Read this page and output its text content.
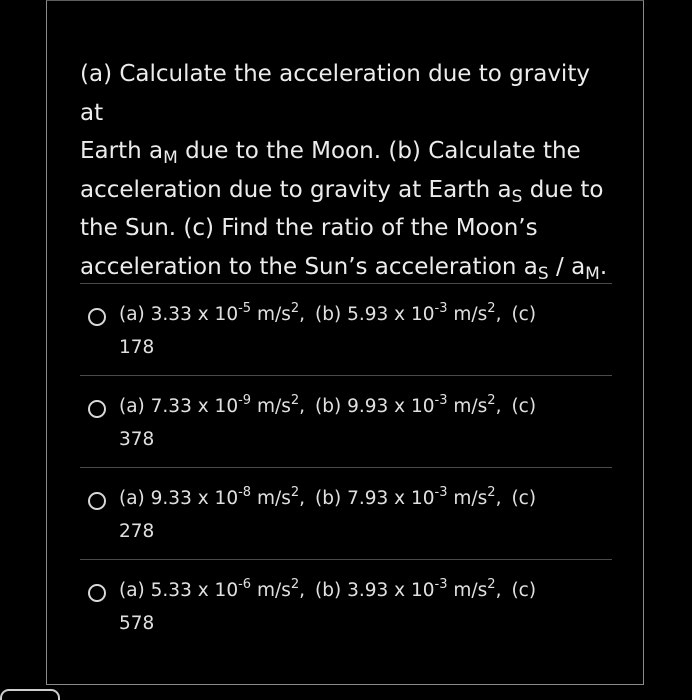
(a) Calculate the acceleration due to gravity at
Earth $a_M$ due to the Moon. (b) Calculate the
acceleration due to gravity at Earth $a_S$ due to
the Sun. (c) Find the ratio of the Moon’s
acceleration to the Sun’s acceleration $a_S / a_M$.
(a) 3.33 x $10^{-5}$ $m/s^2$, (b) 5.93 x $10^{-3}$ $m/s^2$, (c)
178
(a) 7.33 x $10^{-9}$ $m/s^2$, (b) 9.93 x $10^{-3}$ $m/s^2$, (c)
378
(a) 9.33 x $10^{-8}$ $m/s^2$, (b) 7.93 x $10^{-3}$ $m/s^2$, (c)
278
(a) 5.33 x $10^{-6}$ $m/s^2$, (b) 3.93 x $10^{-3}$ $m/s^2$, (c)
578
